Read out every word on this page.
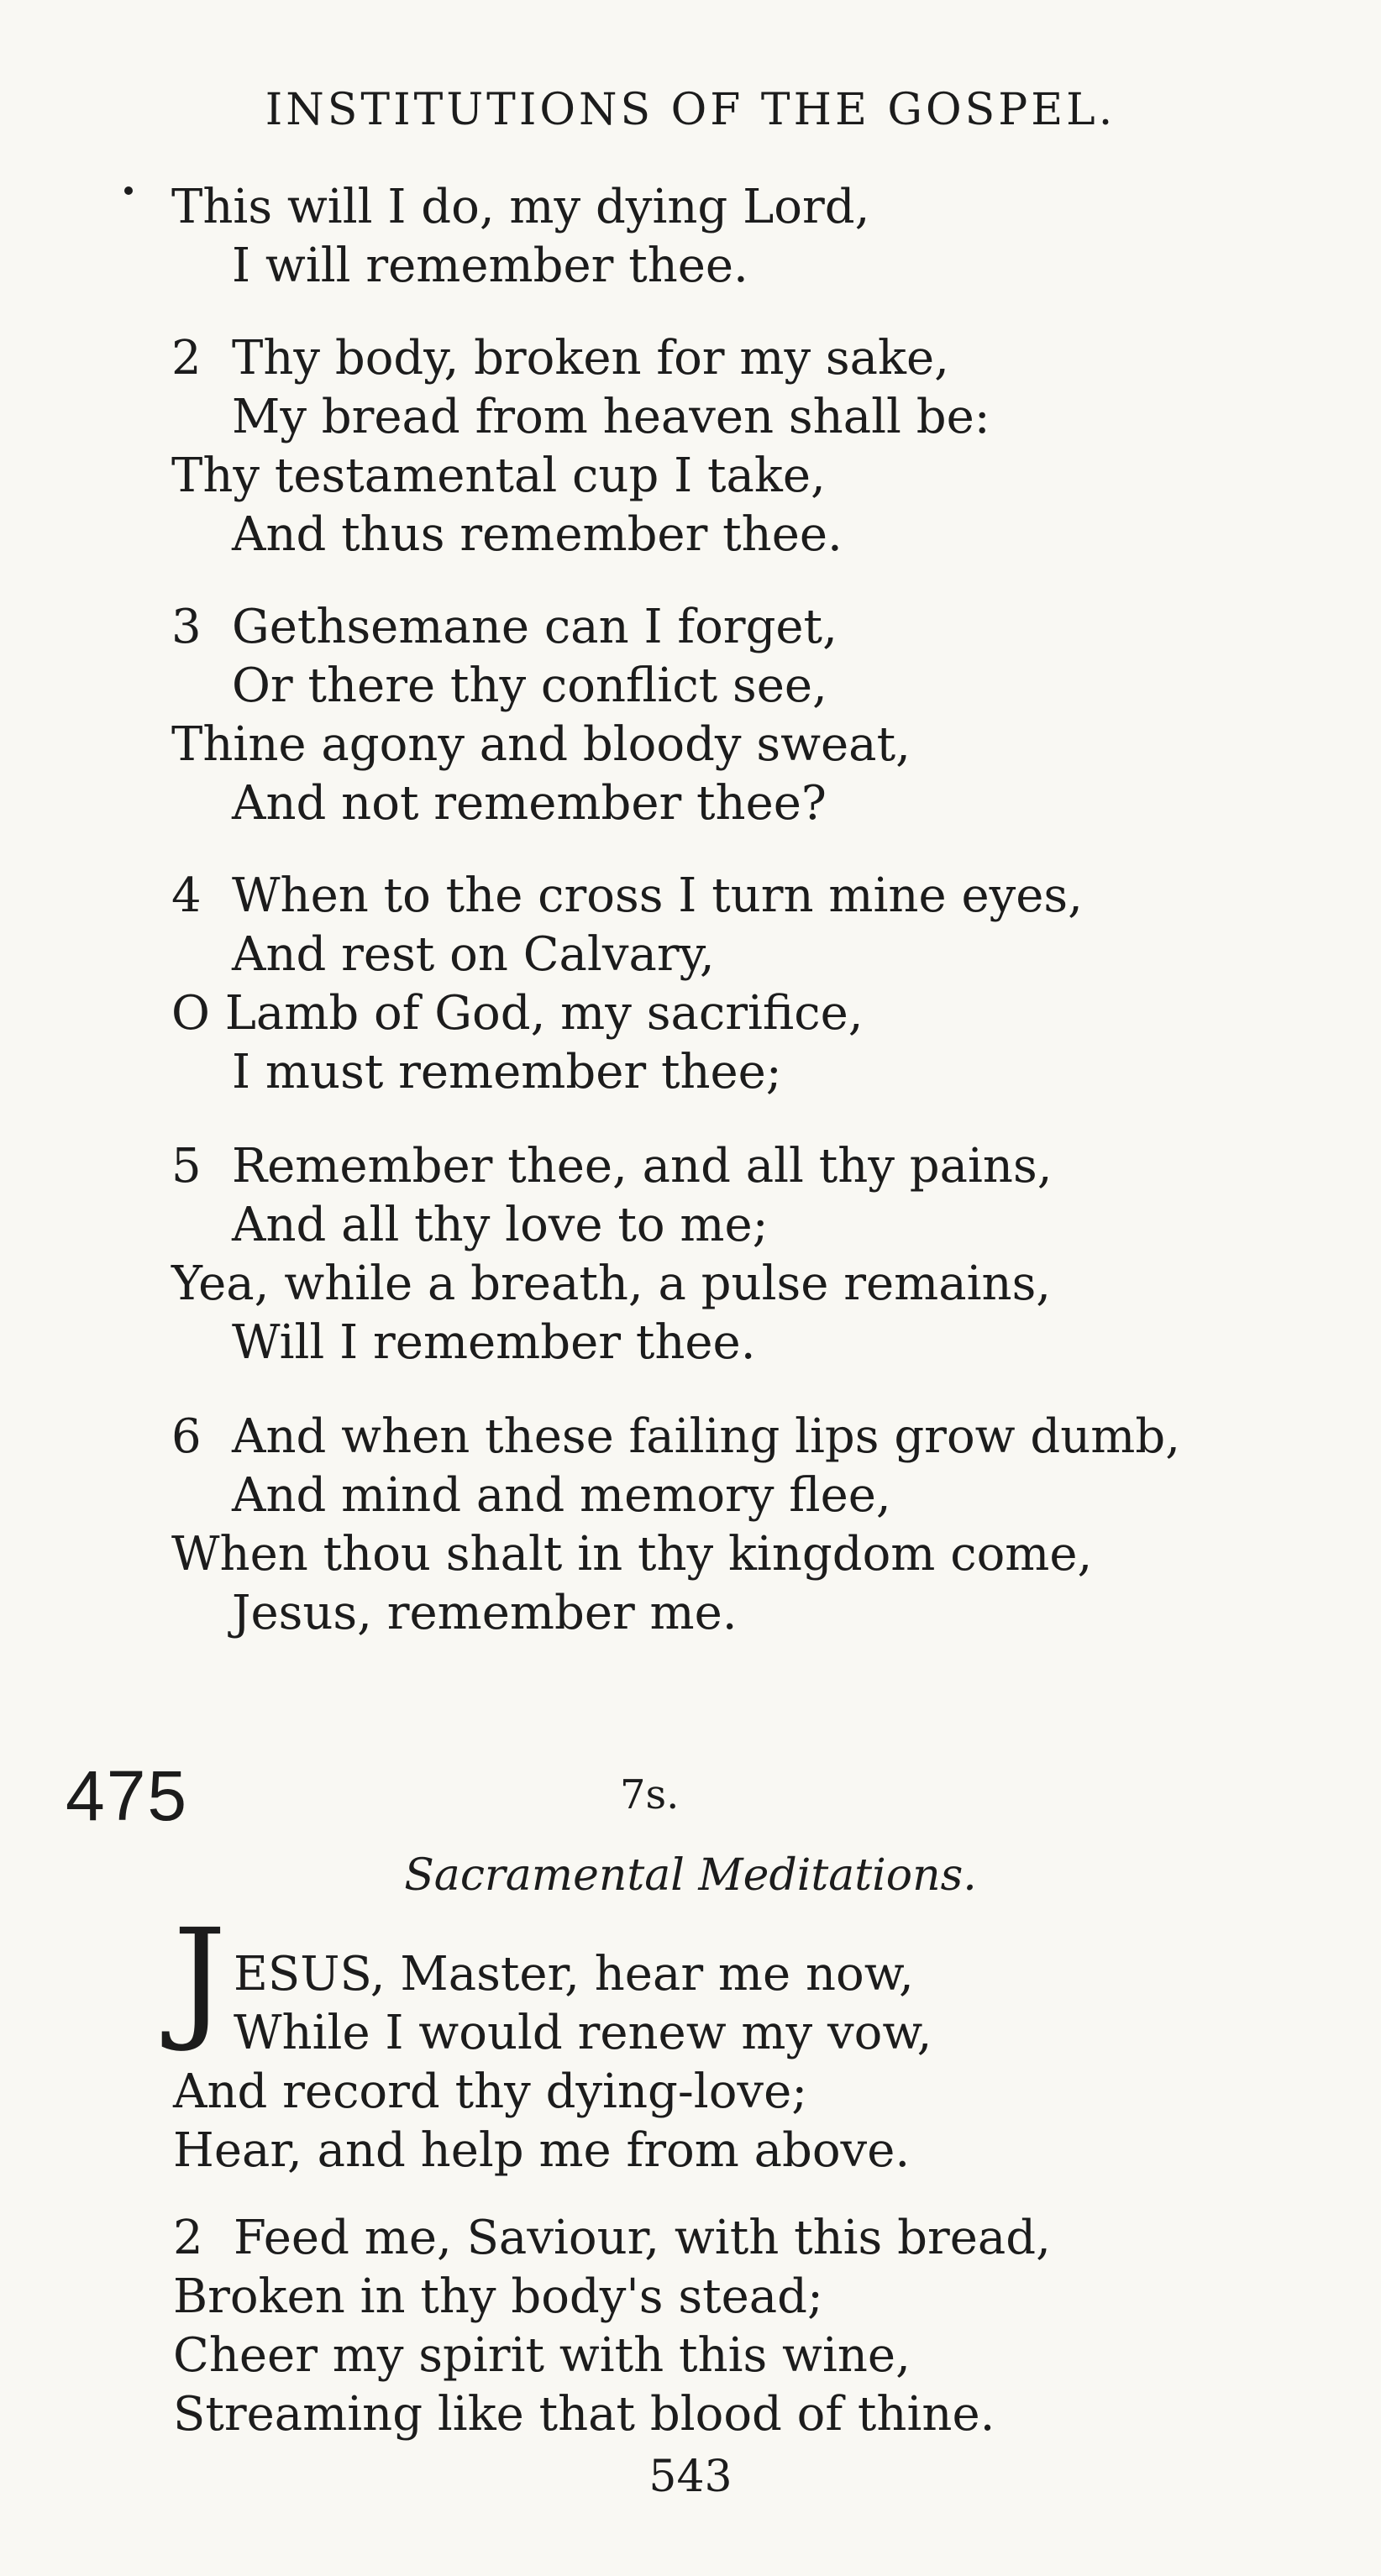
INSTITUTIONS OF THE GOSPEL.
This will I do, my dying Lord,
I will remember thee.
2 Thy body, broken for my sake,
My bread from heaven shall be:
Thy testamental cup I take,
And thus remember thee.
3 Gethsemane can I forget,
Or there thy conflict see,
Thine agony and bloody sweat,
And not remember thee?
4 When to the cross I turn mine eyes,
And rest on Calvary,
O Lamb of God, my sacrifice,
I must remember thee;
5 Remember thee, and all thy pains,
And all thy love to me;
Yea, while a breath, a pulse remains,
Will I remember thee.
6 And when these failing lips grow dumb,
And mind and memory flee,
When thou shalt in thy kingdom come,
Jesus, remember me.
475	7s.
Sacramental Meditations.
J ESUS, Master, hear me now,
While I would renew my vow,
And record thy dying-love;
Hear, and help me from above.
2 Feed me, Saviour, with this bread,
Broken in thy body's stead;
Cheer my spirit with this wine,
Streaming like that blood of thine.
543
